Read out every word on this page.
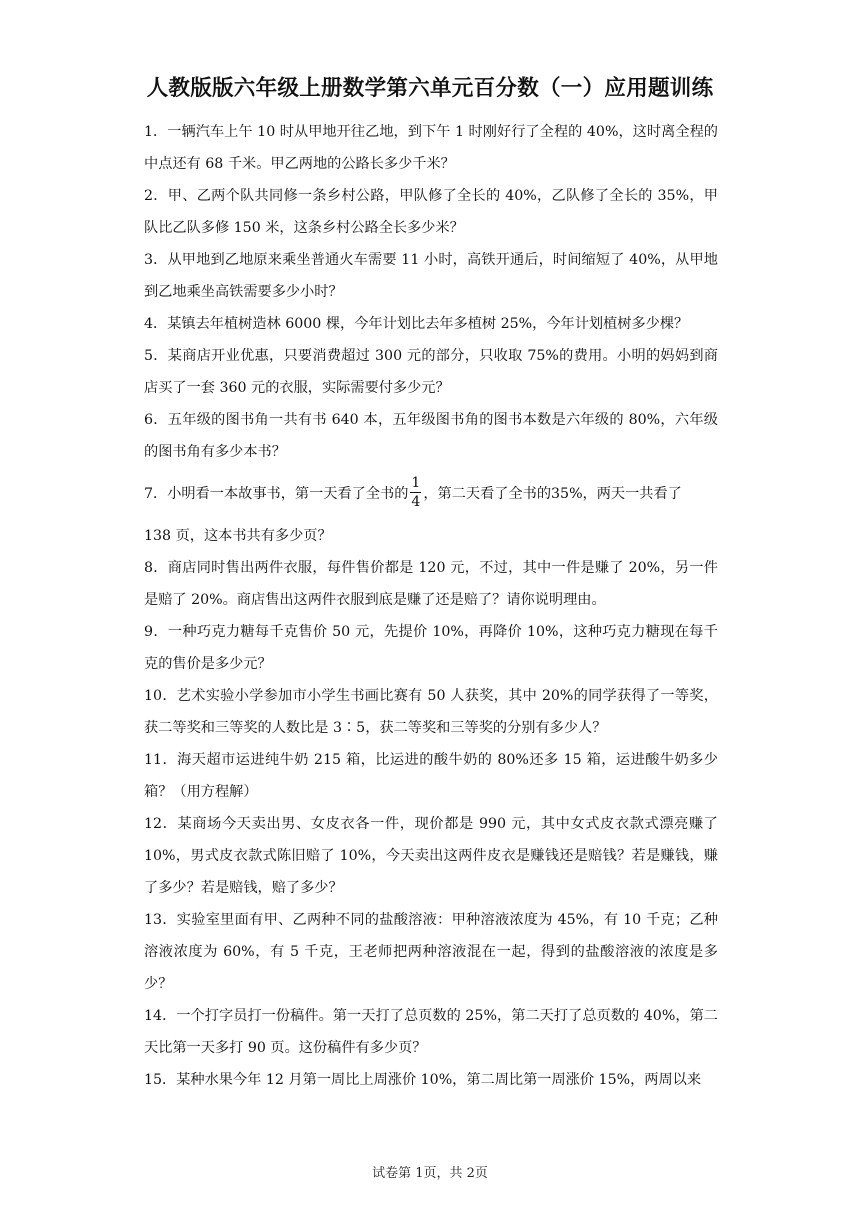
人教版版六年级上册数学第六单元百分数（一）应用题训练

1．一辆汽车上午 10 时从甲地开往乙地，到下午 1 时刚好行了全程的 40%，这时离全程的中点还有 68 千米。甲乙两地的公路长多少千米？

2．甲、乙两个队共同修一条乡村公路，甲队修了全长的 40%，乙队修了全长的 35%，甲队比乙队多修 150 米，这条乡村公路全长多少米？

3．从甲地到乙地原来乘坐普通火车需要 11 小时，高铁开通后，时间缩短了 40%，从甲地到乙地乘坐高铁需要多少小时？

4．某镇去年植树造林 6000 棵，今年计划比去年多植树 25%，今年计划植树多少棵？

5．某商店开业优惠，只要消费超过 300 元的部分，只收取 75%的费用。小明的妈妈到商店买了一套 360 元的衣服，实际需要付多少元？

6．五年级的图书角一共有书 640 本，五年级图书角的图书本数是六年级的 80%，六年级的图书角有多少本书？

7．小明看一本故事书，第一天看了全书的 $\frac{1}{4}$ ，第二天看了全书的35%，两天一共看了
138 页，这本书共有多少页？

8．商店同时售出两件衣服，每件售价都是 120 元，不过，其中一件是赚了 20%，另一件是赔了 20%。商店售出这两件衣服到底是赚了还是赔了？请你说明理由。

9．一种巧克力糖每千克售价 50 元，先提价 10%，再降价 10%，这种巧克力糖现在每千克的售价是多少元？

10．艺术实验小学参加市小学生书画比赛有 50 人获奖，其中 20%的同学获得了一等奖，获二等奖和三等奖的人数比是 3∶5，获二等奖和三等奖的分别有多少人？

11．海天超市运进纯牛奶 215 箱，比运进的酸牛奶的 80%还多 15 箱，运进酸牛奶多少箱？（用方程解）

12．某商场今天卖出男、女皮衣各一件，现价都是 990 元，其中女式皮衣款式漂亮赚了 10%，男式皮衣款式陈旧赔了 10%，今天卖出这两件皮衣是赚钱还是赔钱？若是赚钱，赚了多少？若是赔钱，赔了多少？

13．实验室里面有甲、乙两种不同的盐酸溶液：甲种溶液浓度为 45%，有 10 千克；乙种溶液浓度为 60%，有 5 千克，王老师把两种溶液混在一起，得到的盐酸溶液的浓度是多少？

14．一个打字员打一份稿件。第一天打了总页数的 25%，第二天打了总页数的 40%，第二天比第一天多打 90 页。这份稿件有多少页？

15．某种水果今年 12 月第一周比上周涨价 10%，第二周比第一周涨价 15%，两周以来

试卷第 1页，共 2页
